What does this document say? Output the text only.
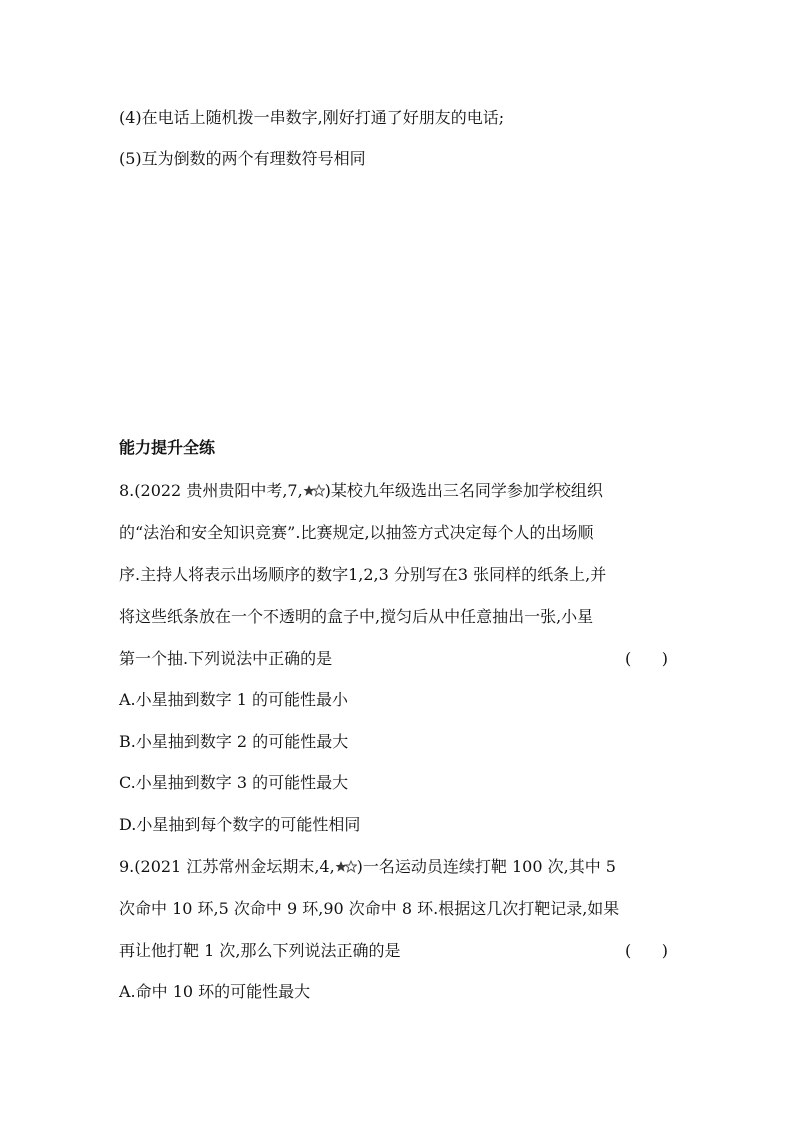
(4)在电话上随机拨一串数字,刚好打通了好朋友的电话;
(5)互为倒数的两个有理数符号相同
能力提升全练
8.(2022 贵州贵阳中考,7, )某校九年级选出三名同学参加学校组织
的“法治和安全知识竞赛”.比赛规定,以抽签方式决定每个人的出场顺
序.主持人将表示出场顺序的数字1,2,3 分别写在3 张同样的纸条上,并
将这些纸条放在一个不透明的盒子中,搅匀后从中任意抽出一张,小星
第一个抽.下列说法中正确的是	(      )
A.小星抽到数字 1 的可能性最小
B.小星抽到数字 2 的可能性最大
C.小星抽到数字 3 的可能性最大
D.小星抽到每个数字的可能性相同
9.(2021 江苏常州金坛期末,4, )一名运动员连续打靶 100 次,其中 5
次命中 10 环,5 次命中 9 环,90 次命中 8 环.根据这几次打靶记录,如果
再让他打靶 1 次,那么下列说法正确的是	(      )
A.命中 10 环的可能性最大
